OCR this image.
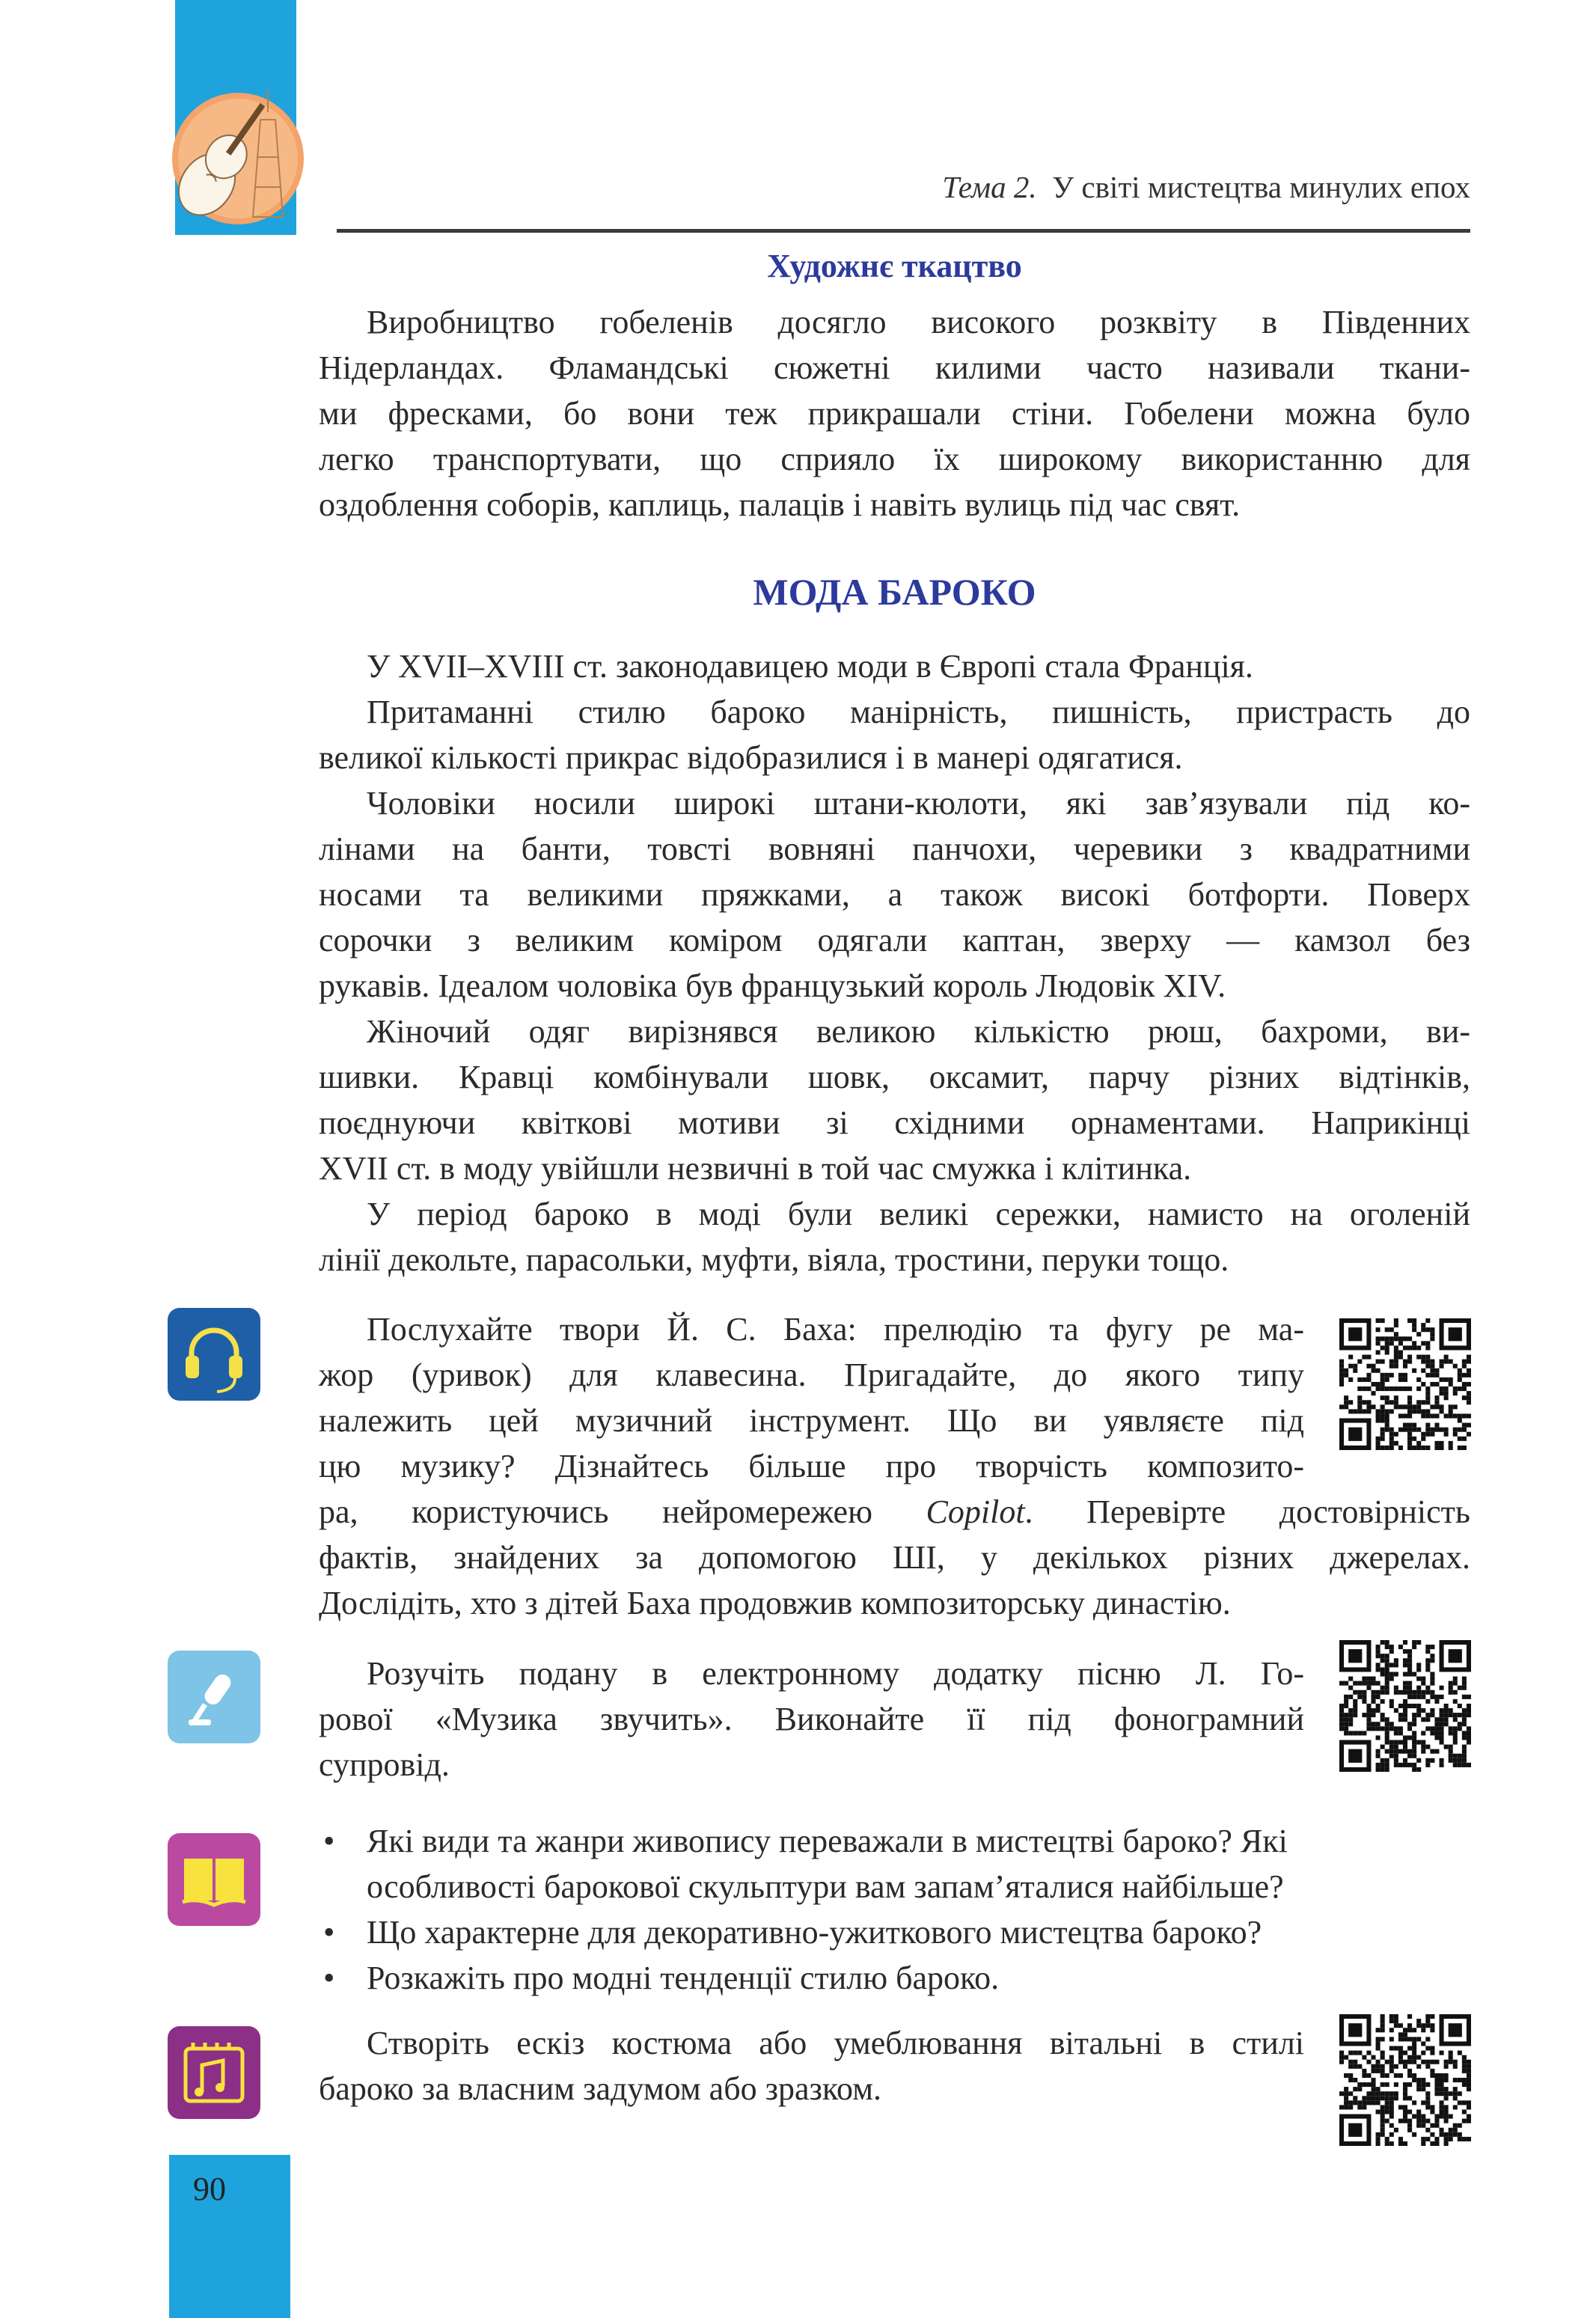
Тема 2. У світі мистецтва минулих епох
Художнє ткацтво
Виробництво гобеленів досягло високого розквіту в Південних
Нідерландах. Фламандські сюжетні килими часто називали ткани-
ми фресками, бо вони теж прикрашали стіни. Гобелени можна було
легко транспортувати, що сприяло їх широкому використанню для
оздоблення соборів, каплиць, палаців і навіть вулиць під час свят.
МОДА БАРОКО
У XVII–XVIII ст. законодавицею моди в Європі стала Франція.
Притаманні стилю бароко манірність, пишність, пристрасть до
великої кількості прикрас відобразилися і в манері одягатися.
Чоловіки носили широкі штани-кюлоти, які зав’язували під ко-
лінами на банти, товсті вовняні панчохи, черевики з квадратними
носами та великими пряжками, а також високі ботфорти. Поверх
сорочки з великим коміром одягали каптан, зверху — камзол без
рукавів. Ідеалом чоловіка був французький король Людовік XIV.
Жіночий одяг вирізнявся великою кількістю рюш, бахроми, ви-
шивки. Кравці комбінували шовк, оксамит, парчу різних відтінків,
поєднуючи квіткові мотиви зі східними орнаментами. Наприкінці
XVII ст. в моду увійшли незвичні в той час смужка і клітинка.
У період бароко в моді були великі сережки, намисто на оголеній
лінії декольте, парасольки, муфти, віяла, тростини, перуки тощо.
Послухайте твори Й. С. Баха: прелюдію та фугу ре ма-
жор (уривок) для клавесина. Пригадайте, до якого типу
належить цей музичний інструмент. Що ви уявляєте під
цю музику? Дізнайтесь більше про творчість композито-
ра, користуючись нейромережею Copilot. Перевірте достовірність
фактів, знайдених за допомогою ШІ, у декількох різних джерелах.
Дослідіть, хто з дітей Баха продовжив композиторську династію.
Розучіть подану в електронному додатку пісню Л. Го-
рової «Музика звучить». Виконайте її під фонограмний
супровід.
• Які види та жанри живопису переважали в мистецтві бароко? Які
особливості барокової скульптури вам запам’яталися найбільше?
• Що характерне для декоративно-ужиткового мистецтва бароко?
• Розкажіть про модні тенденції стилю бароко.
Створіть ескіз костюма або умеблювання вітальні в стилі
бароко за власним задумом або зразком.
90
